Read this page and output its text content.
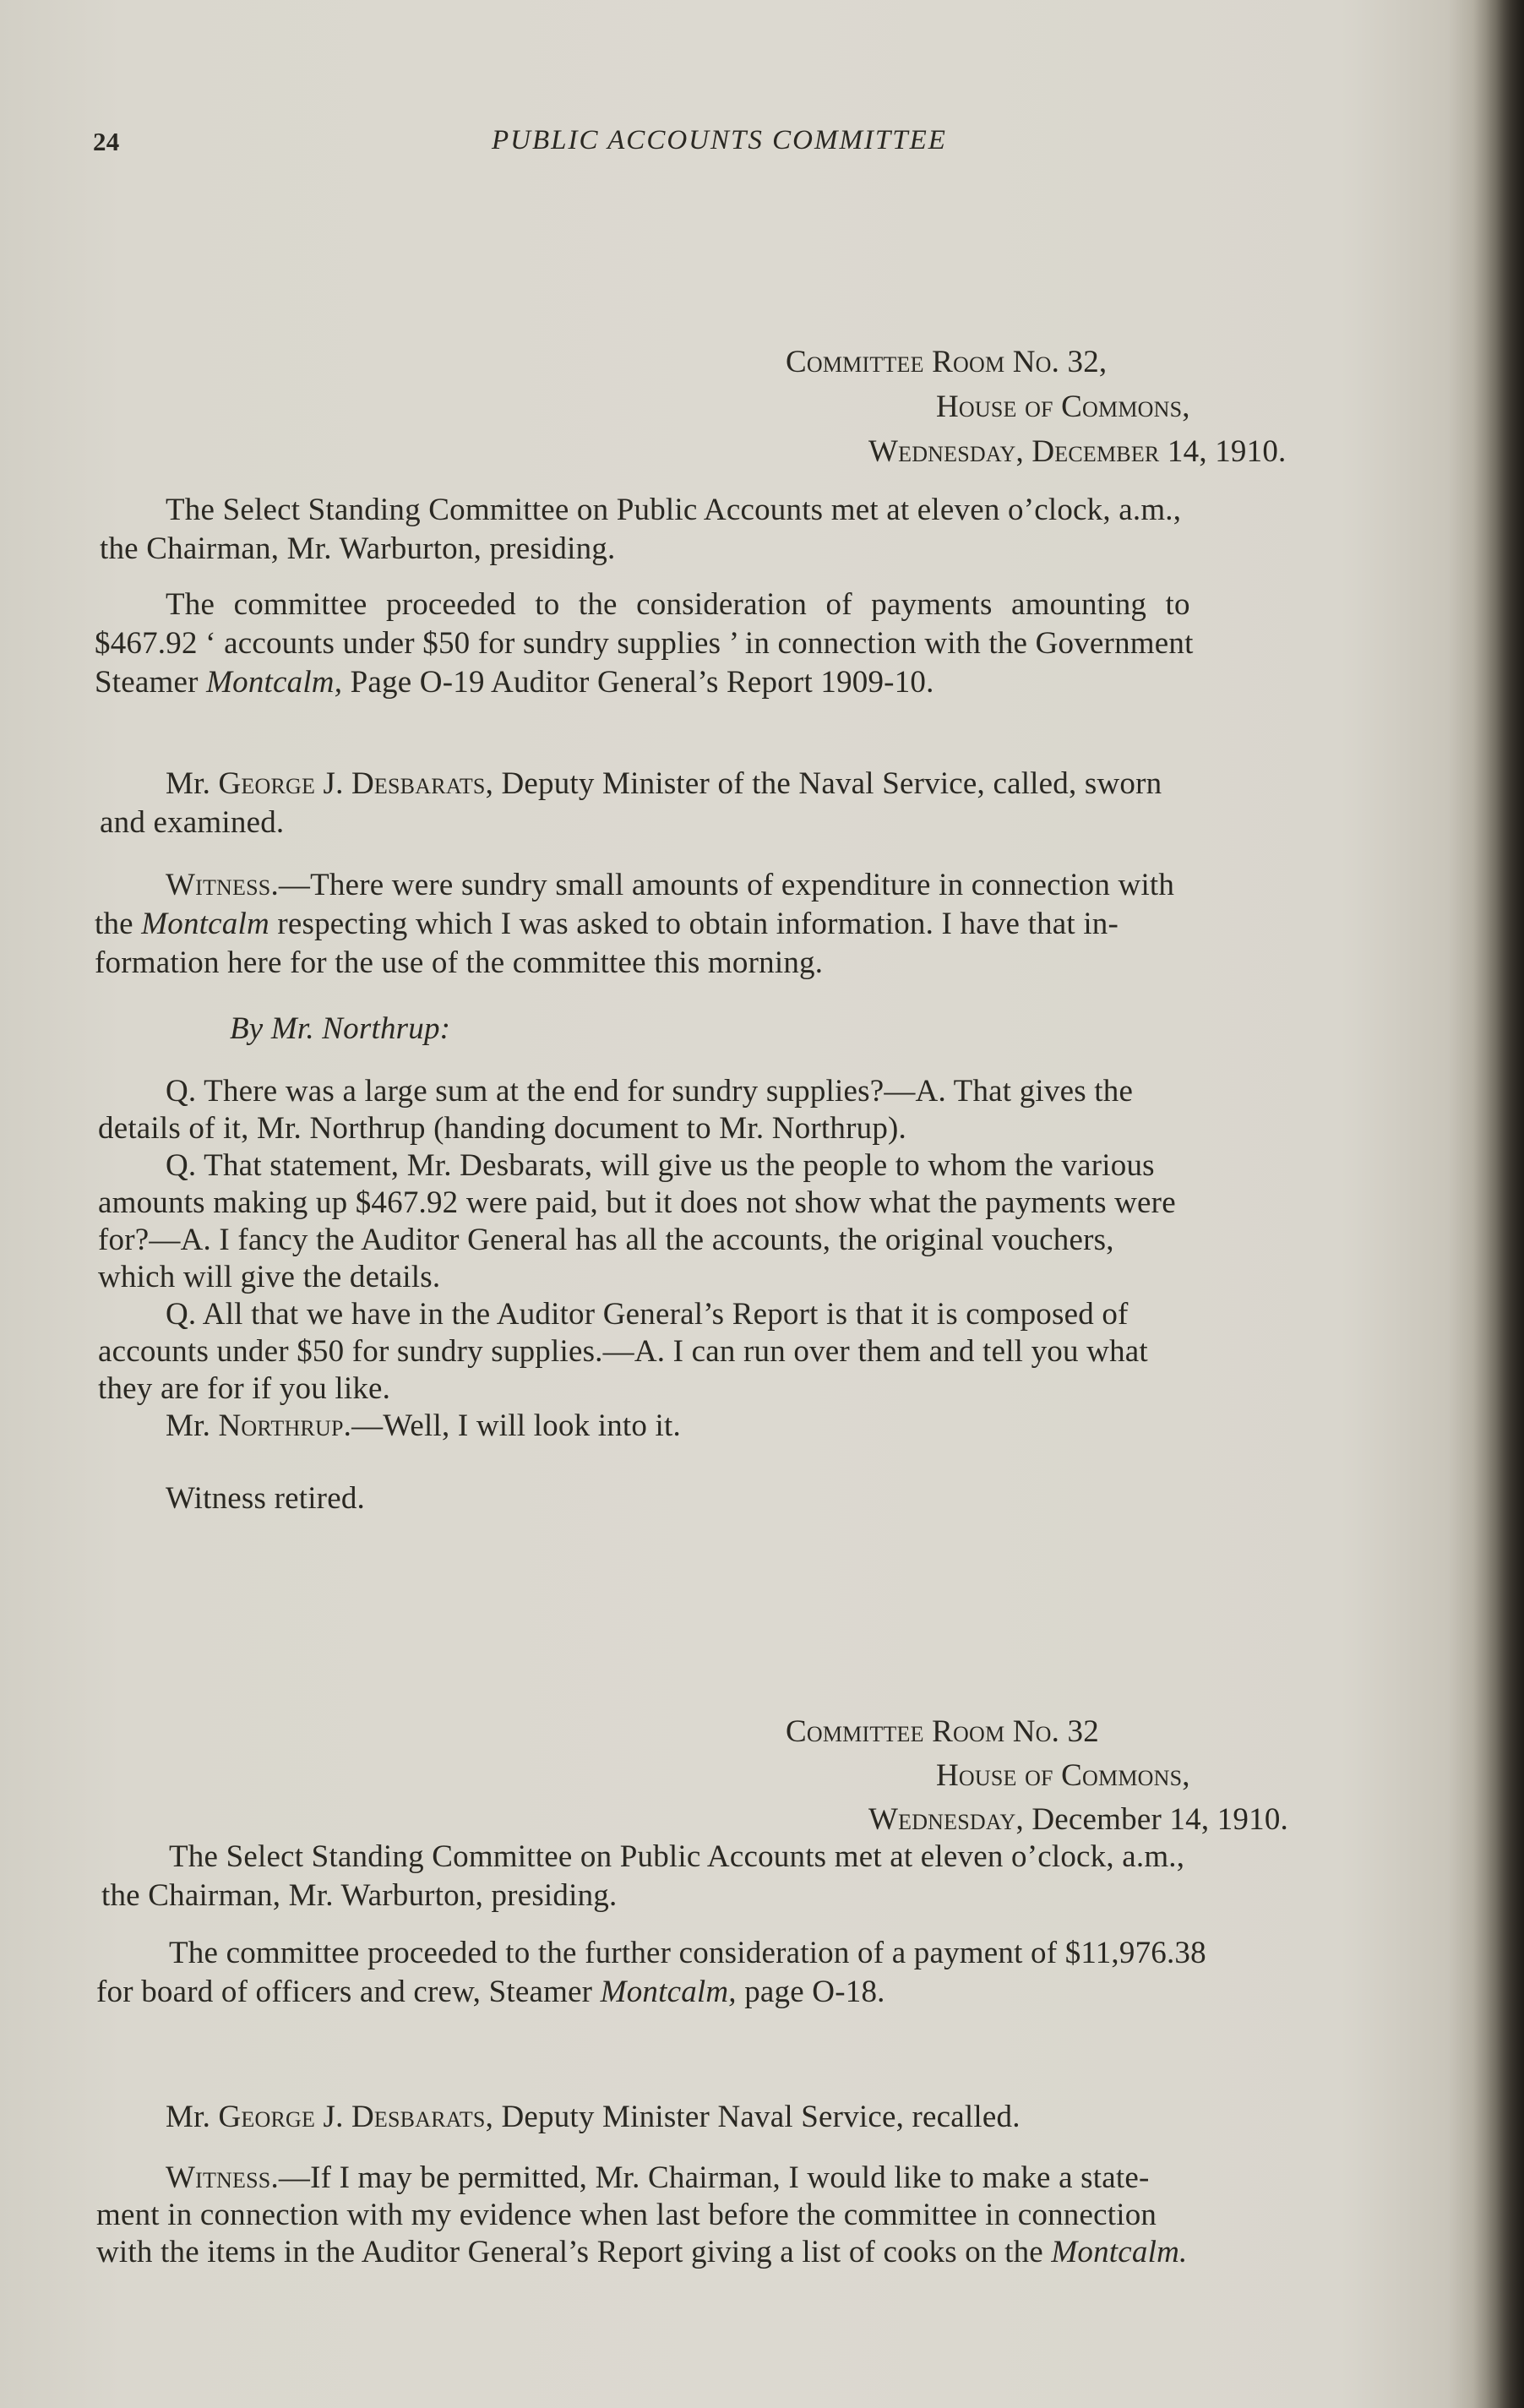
24	PUBLIC ACCOUNTS COMMITTEE
Committee Room No. 32,
House of Commons,
Wednesday, December 14, 1910.
The Select Standing Committee on Public Accounts met at eleven o’clock, a.m.,
the Chairman, Mr. Warburton, presiding.
The committee proceeded to the consideration of payments amounting to
$467.92 ‘ accounts under $50 for sundry supplies ’ in connection with the Government
Steamer Montcalm, Page O-19 Auditor General’s Report 1909-10.
Mr. George J. Desbarats, Deputy Minister of the Naval Service, called, sworn
and examined.
Witness.—There were sundry small amounts of expenditure in connection with
the Montcalm respecting which I was asked to obtain information. I have that in-
formation here for the use of the committee this morning.
By Mr. Northrup:
Q. There was a large sum at the end for sundry supplies?—A. That gives the
details of it, Mr. Northrup (handing document to Mr. Northrup).
Q. That statement, Mr. Desbarats, will give us the people to whom the various
amounts making up $467.92 were paid, but it does not show what the payments were
for?—A. I fancy the Auditor General has all the accounts, the original vouchers,
which will give the details.
Q. All that we have in the Auditor General’s Report is that it is composed of
accounts under $50 for sundry supplies.—A. I can run over them and tell you what
they are for if you like.
Mr. Northrup.—Well, I will look into it.
Witness retired.
Committee Room No. 32
House of Commons,
Wednesday, December 14, 1910.
The Select Standing Committee on Public Accounts met at eleven o’clock, a.m.,
the Chairman, Mr. Warburton, presiding.
The committee proceeded to the further consideration of a payment of $11,976.38
for board of officers and crew, Steamer Montcalm, page O-18.
Mr. George J. Desbarats, Deputy Minister Naval Service, recalled.
Witness.—If I may be permitted, Mr. Chairman, I would like to make a state-
ment in connection with my evidence when last before the committee in connection
with the items in the Auditor General’s Report giving a list of cooks on the Montcalm.
